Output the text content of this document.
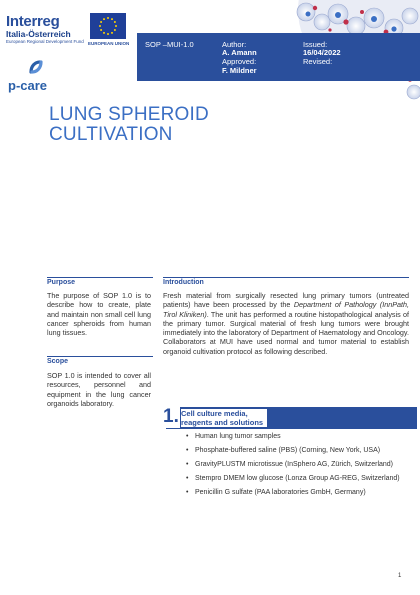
Interreg
Italia-Österreich
European Regional Development Fund EUROPEAN UNION
p-care
SOP –MUI-1.0	Author:
A. Amann
Approved:
F. Mildner
Issued:
16/04/2022
Revised:
LUNG SPHEROID
CULTIVATION
Purpose
The purpose of SOP 1.0 is to describe how to create, plate and maintain non small cell lung cancer spheroids from human lung tissues.
Scope
SOP 1.0 is intended to cover all resources, personnel and equipment in the lung cancer organoids laboratory.
Introduction
Fresh material from surgically resected lung primary tumors (untreated patients) have been processed by the Department of Pathology (InnPath, Tirol Kliniken). The unit has performed a routine histopathological analysis of the primary tumor. Surgical material of fresh lung tumors were brought immediately into the laboratory of Department of Haematology and Oncology. Collaborators at MUI have used normal and tumor material to establish organoid cultivation protocol as following described.
1. Cell culture media, reagents and solutions
• Human lung tumor samples
• Phosphate-buffered saline (PBS) (Corning, New York, USA)
• GravityPLUSTM microtissue (InSphero AG, Zürich, Switzerland)
• Stempro DMEM low glucose (Lonza Group AG-REG, Switzerland)
• Penicillin G sulfate (PAA laboratories GmbH, Germany)
1
